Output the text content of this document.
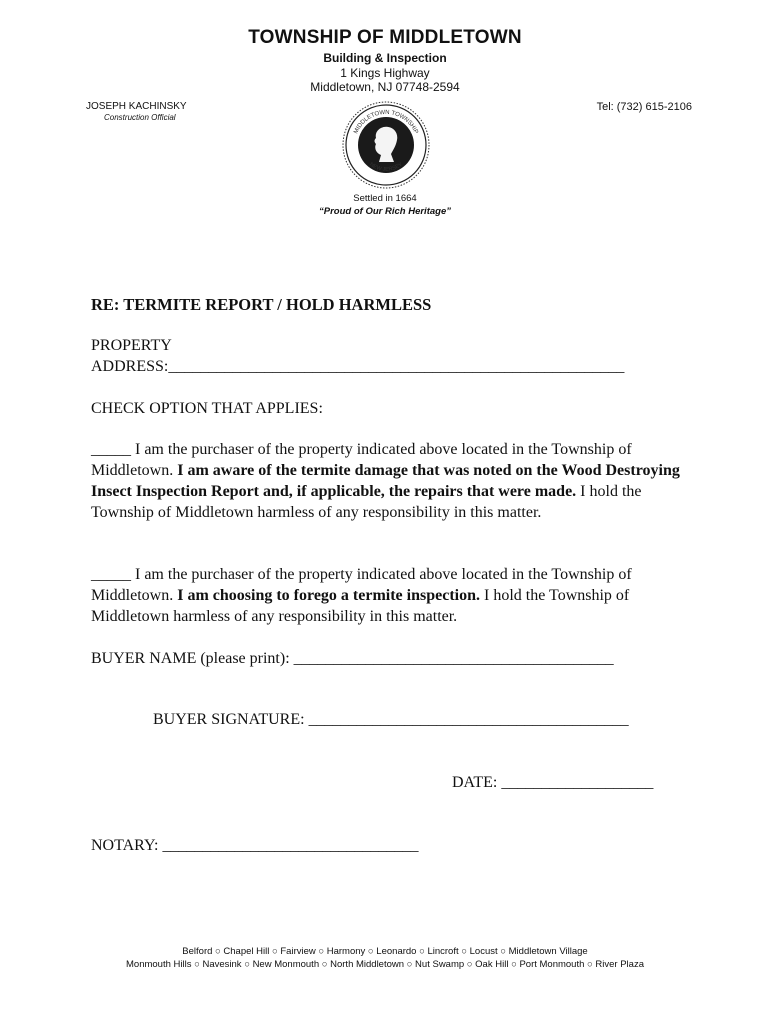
TOWNSHIP OF MIDDLETOWN
Building & Inspection
1 Kings Highway
Middletown, NJ 07748-2594
JOSEPH KACHINSKY
Construction Official
Tel: (732) 615-2106
MIDDLETOWN TOWNSHIP
NEW JERSEY
Settled in 1664
“Proud of Our Rich Heritage”
RE: TERMITE REPORT / HOLD HARMLESS
PROPERTY
ADDRESS:_________________________________________________________
CHECK OPTION THAT APPLIES:
_____ I am the purchaser of the property indicated above located in the Township of Middletown. I am aware of the termite damage that was noted on the Wood Destroying Insect Inspection Report and, if applicable, the repairs that were made. I hold the Township of Middletown harmless of any responsibility in this matter.
_____ I am the purchaser of the property indicated above located in the Township of Middletown. I am choosing to forego a termite inspection. I hold the Township of Middletown harmless of any responsibility in this matter.
BUYER NAME (please print): ________________________________________
BUYER SIGNATURE: ________________________________________
DATE: ___________________
NOTARY: ________________________________
Belford ○ Chapel Hill ○ Fairview ○ Harmony ○ Leonardo ○ Lincroft ○ Locust ○ Middletown Village
Monmouth Hills ○ Navesink ○ New Monmouth ○ North Middletown ○ Nut Swamp ○ Oak Hill ○ Port Monmouth ○ River Plaza
